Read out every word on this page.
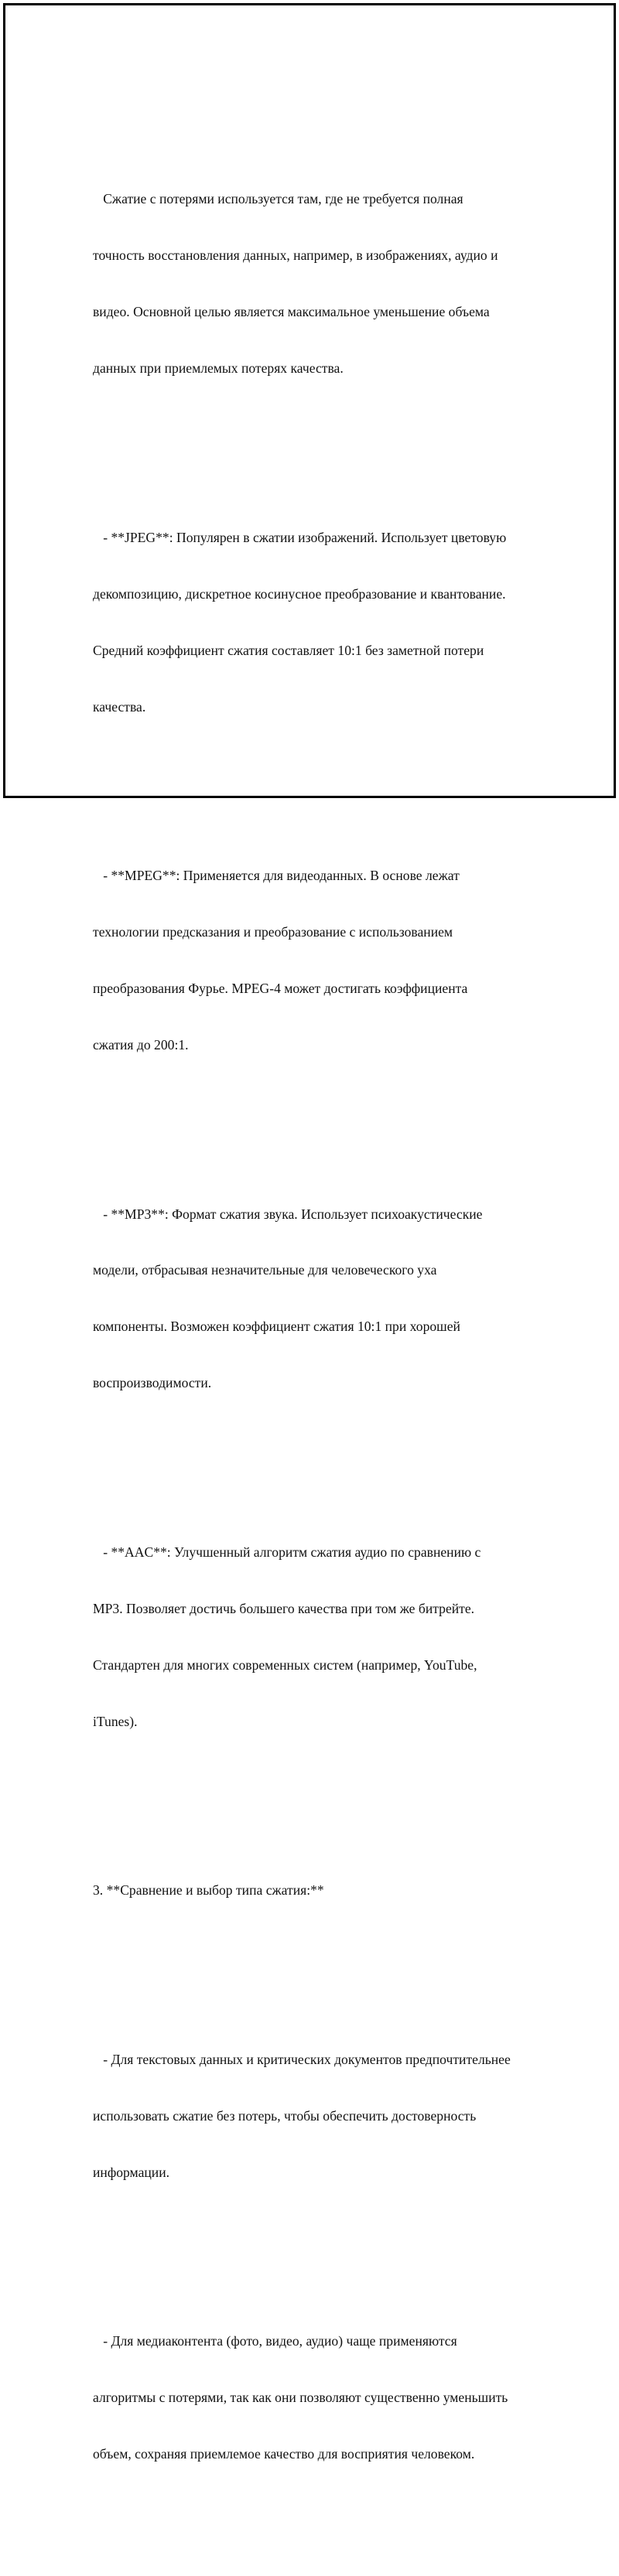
Сжатие с потерями используется там, где не требуется полная

точность восстановления данных, например, в изображениях, аудио и

видео. Основной целью является максимальное уменьшение объема

данных при приемлемых потерях качества.

- **JPEG**: Популярен в сжатии изображений. Использует цветовую

декомпозицию, дискретное косинусное преобразование и квантование.

Средний коэффициент сжатия составляет 10:1 без заметной потери

качества.

- **MPEG**: Применяется для видеоданных. В основе лежат

технологии предсказания и преобразование с использованием

преобразования Фурье. MPEG-4 может достигать коэффициента

сжатия до 200:1.

- **MP3**: Формат сжатия звука. Использует психоакустические

модели, отбрасывая незначительные для человеческого уха

компоненты. Возможен коэффициент сжатия 10:1 при хорошей

воспроизводимости.

- **AAC**: Улучшенный алгоритм сжатия аудио по сравнению с

MP3. Позволяет достичь большего качества при том же битрейте.

Стандартен для многих современных систем (например, YouTube,

iTunes).

3. **Сравнение и выбор типа сжатия:**

- Для текстовых данных и критических документов предпочтительнее

использовать сжатие без потерь, чтобы обеспечить достоверность

информации.

- Для медиаконтента (фото, видео, аудио) чаще применяются

алгоритмы с потерями, так как они позволяют существенно уменьшить

объем, сохраняя приемлемое качество для восприятия человеком.
